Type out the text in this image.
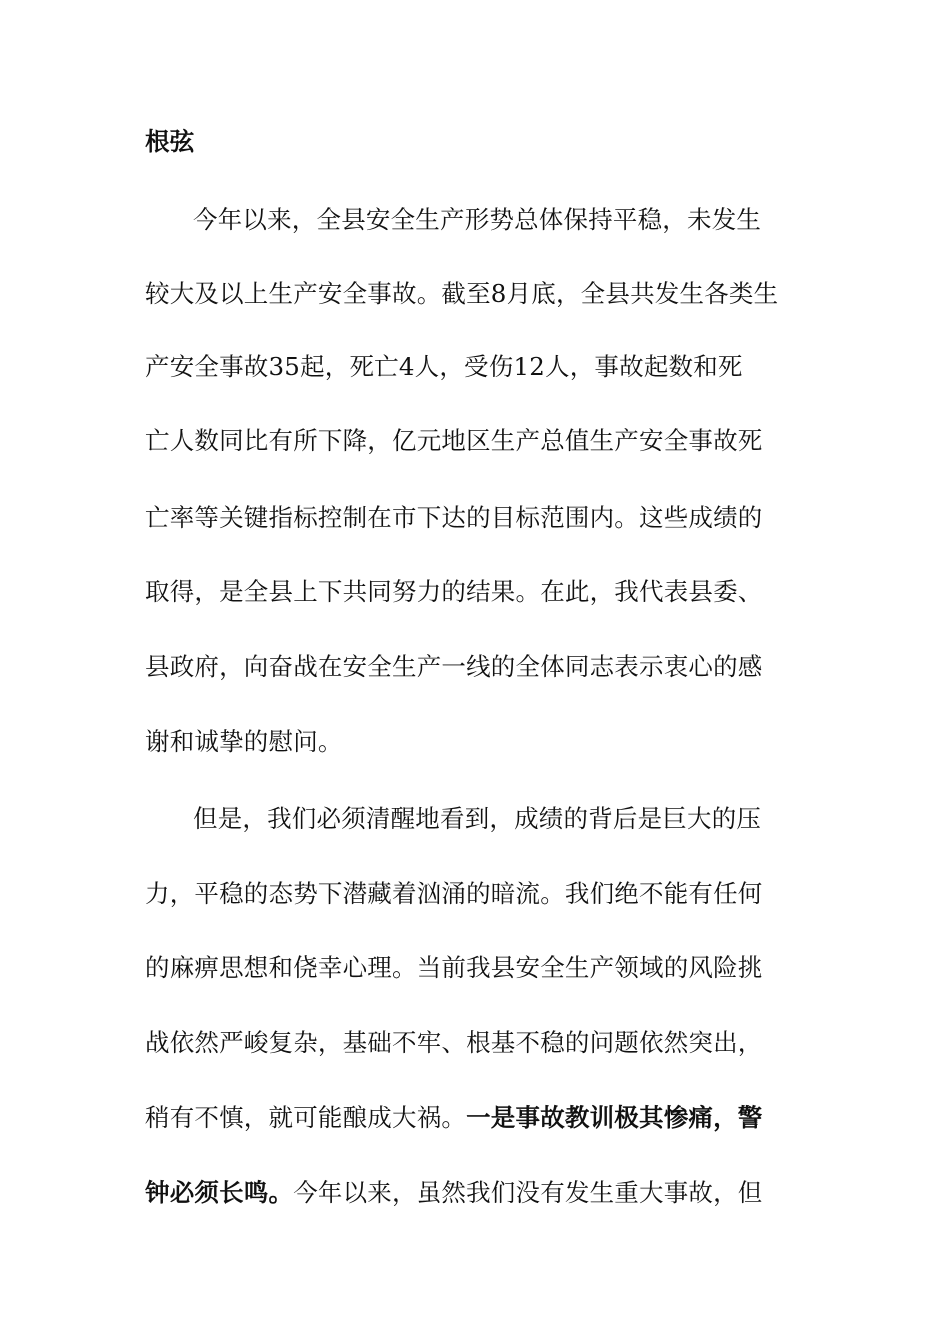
根弦
今年以来，全县安全生产形势总体保持平稳，未发生
较大及以上生产安全事故。截至8月底，全县共发生各类生
产安全事故35起，死亡4人，受伤12人，事故起数和死
亡人数同比有所下降，亿元地区生产总值生产安全事故死
亡率等关键指标控制在市下达的目标范围内。这些成绩的
取得，是全县上下共同努力的结果。在此，我代表县委、
县政府，向奋战在安全生产一线的全体同志表示衷心的感
谢和诚挚的慰问。
但是，我们必须清醒地看到，成绩的背后是巨大的压
力，平稳的态势下潜藏着汹涌的暗流。我们绝不能有任何
的麻痹思想和侥幸心理。当前我县安全生产领域的风险挑
战依然严峻复杂，基础不牢、根基不稳的问题依然突出，
稍有不慎，就可能酿成大祸。一是事故教训极其惨痛，警
钟必须长鸣。今年以来，虽然我们没有发生重大事故，但
